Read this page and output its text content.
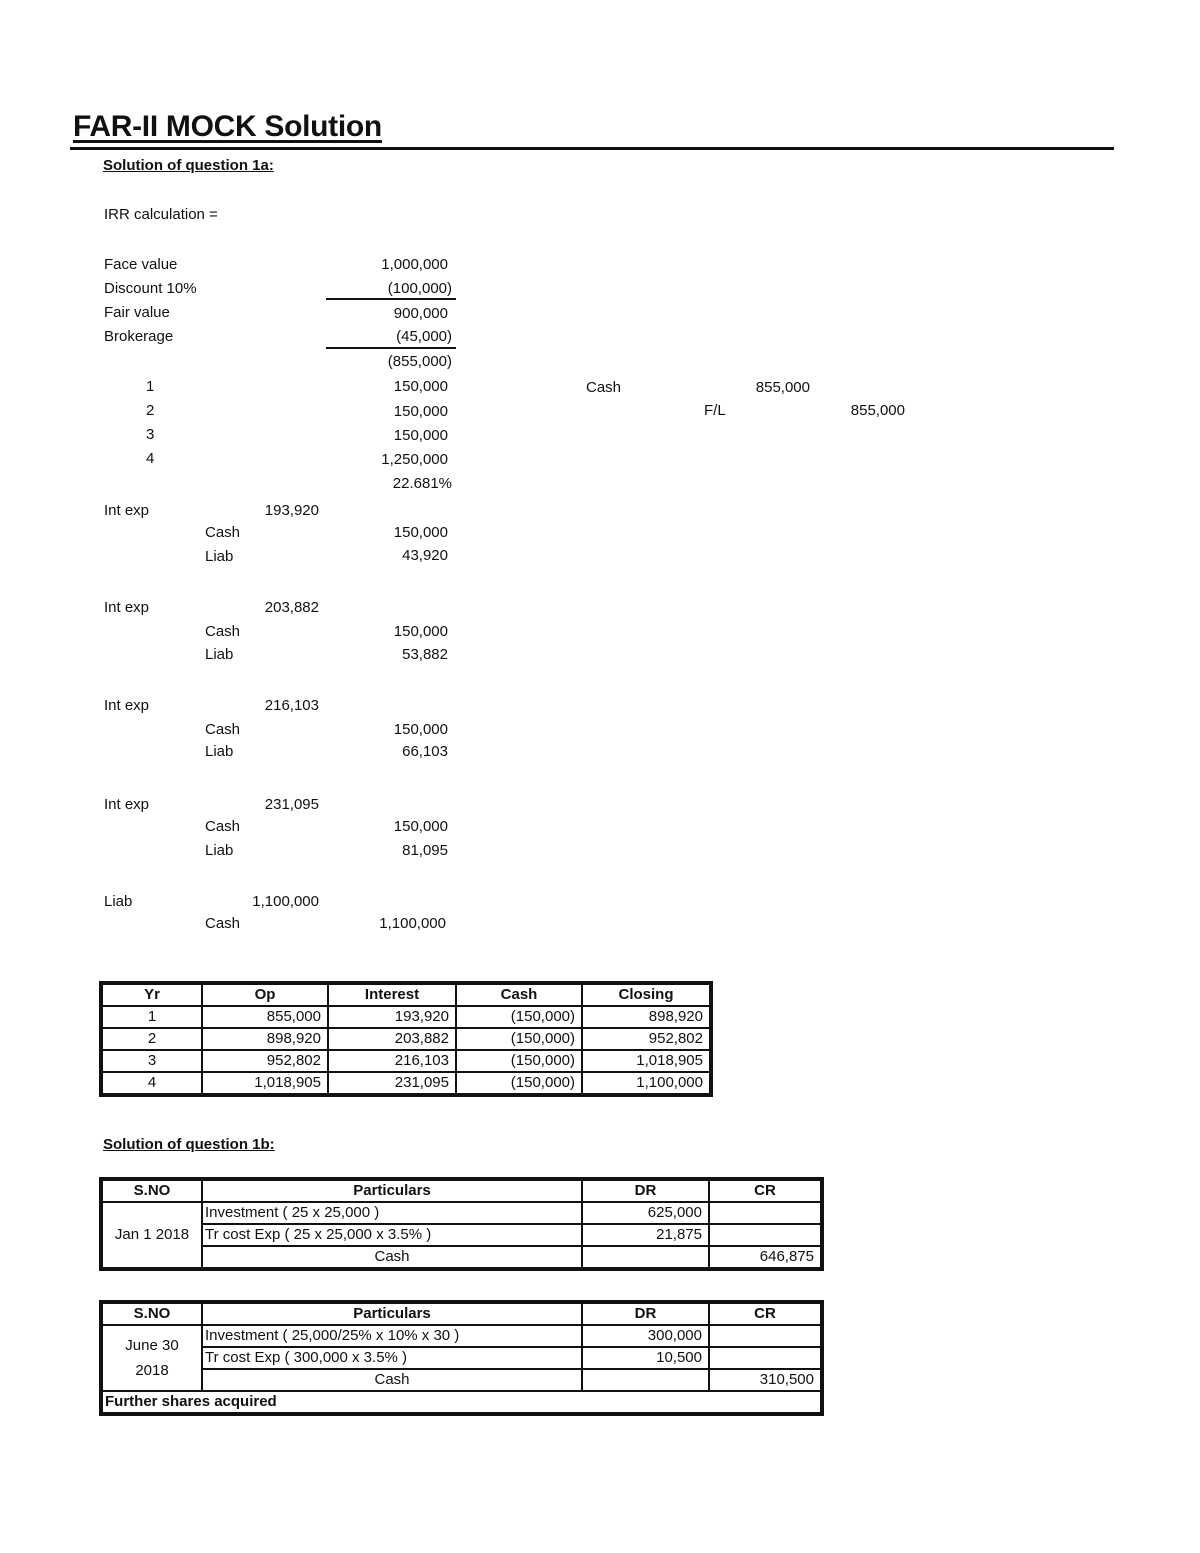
FAR-II MOCK Solution
Solution of question 1a:
IRR calculation =
Face value	1,000,000
Discount 10%	(100,000)
Fair value	900,000
Brokerage	(45,000)
(855,000)
1	150,000
2	150,000
3	150,000
4	1,250,000
22.681%
Cash	855,000
F/L	855,000
Int exp	193,920
Cash	150,000
Liab	43,920
Int exp	203,882
Cash	150,000
Liab	53,882
Int exp	216,103
Cash	150,000
Liab	66,103
Int exp	231,095
Cash	150,000
Liab	81,095
Liab	1,100,000
Cash	1,100,000
Yr	Op	Interest	Cash	Closing
1	855,000	193,920	(150,000)	898,920
2	898,920	203,882	(150,000)	952,802
3	952,802	216,103	(150,000)	1,018,905
4	1,018,905	231,095	(150,000)	1,100,000
Solution of question 1b:
S.NO	Particulars	DR	CR
Jan 1 2018	Investment ( 25 x 25,000 )	625,000	
	Tr cost Exp ( 25 x 25,000 x 3.5% )	21,875	
	Cash		646,875
S.NO	Particulars	DR	CR
June 30
2018	Investment ( 25,000/25% x 10% x 30 )	300,000	
	Tr cost Exp ( 300,000 x 3.5% )	10,500	
	Cash		310,500
Further shares acquired			
